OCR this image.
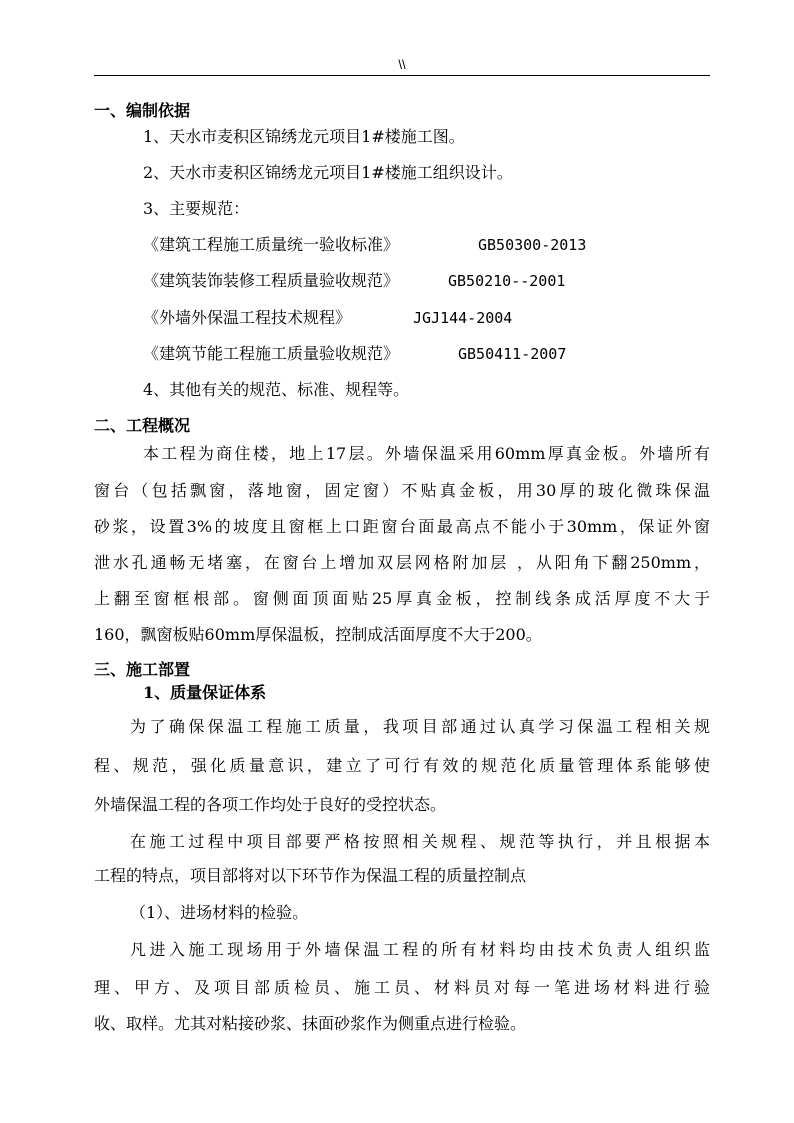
\\
一、编制依据
1、天水市麦积区锦绣龙元项目1#楼施工图。
2、天水市麦积区锦绣龙元项目1#楼施工组织设计。
3、主要规范：
《建筑工程施工质量统一验收标准》	GB50300-2013
《建筑装饰装修工程质量验收规范》	GB50210--2001
《外墙外保温工程技术规程》	JGJ144-2004
《建筑节能工程施工质量验收规范》	GB50411-2007
4、其他有关的规范、标准、规程等。
二、工程概况
本工程为商住楼，地上17层。外墙保温采用60mm厚真金板。外墙所有
窗台（包括飘窗，落地窗，固定窗）不贴真金板，用30厚的玻化微珠保温
砂浆，设置3%的坡度且窗框上口距窗台面最高点不能小于30mm，保证外窗
泄水孔通畅无堵塞，在窗台上增加双层网格附加层 ，从阳角下翻250mm，
上翻至窗框根部。窗侧面顶面贴25厚真金板，控制线条成活厚度不大于
160，飘窗板贴60mm厚保温板，控制成活面厚度不大于200。
三、施工部置
1、质量保证体系
为了确保保温工程施工质量，我项目部通过认真学习保温工程相关规
程、规范，强化质量意识，建立了可行有效的规范化质量管理体系能够使
外墙保温工程的各项工作均处于良好的受控状态。
在施工过程中项目部要严格按照相关规程、规范等执行，并且根据本
工程的特点，项目部将对以下环节作为保温工程的质量控制点
（1）、进场材料的检验。
凡进入施工现场用于外墙保温工程的所有材料均由技术负责人组织监
理、甲方、及项目部质检员、施工员、材料员对每一笔进场材料进行验
收、取样。尤其对粘接砂浆、抹面砂浆作为侧重点进行检验。
